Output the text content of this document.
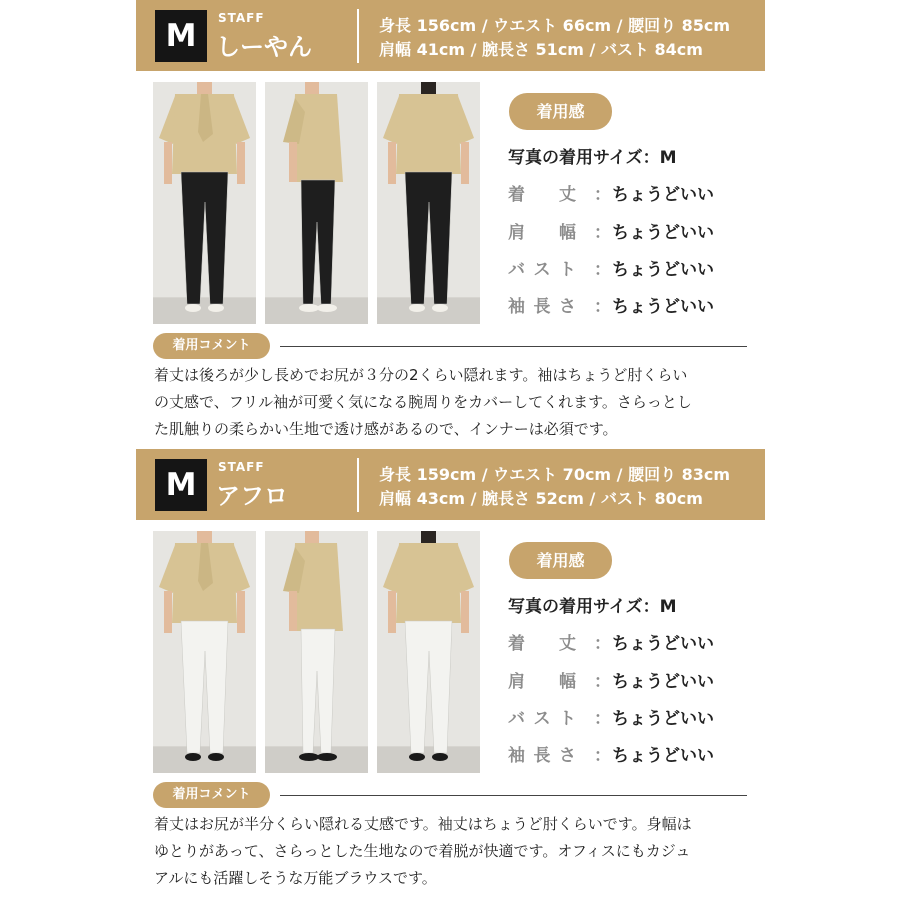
M	STAFF
しーやん
身長 156cm / ウエスト 66cm / 腰回り 85cm
肩幅 41cm / 腕長さ 51cm / バスト 84cm
着用感
写真の着用サイズ：M
着 丈 ： ちょうどいい
肩 幅 ： ちょうどいい
バ ス ト ： ちょうどいい
袖 長 さ ： ちょうどいい
着用コメント
着丈は後ろが少し長めでお尻が３分の2くらい隠れます。袖はちょうど肘くらい
の丈感で、フリル袖が可愛く気になる腕周りをカバーしてくれます。さらっとし
た肌触りの柔らかい生地で透け感があるので、インナーは必須です。
M	STAFF
アフロ
身長 159cm / ウエスト 70cm / 腰回り 83cm
肩幅 43cm / 腕長さ 52cm / バスト 80cm
着用感
写真の着用サイズ：M
着 丈 ： ちょうどいい
肩 幅 ： ちょうどいい
バ ス ト ： ちょうどいい
袖 長 さ ： ちょうどいい
着用コメント
着丈はお尻が半分くらい隠れる丈感です。袖丈はちょうど肘くらいです。身幅は
ゆとりがあって、さらっとした生地なので着脱が快適です。オフィスにもカジュ
アルにも活躍しそうな万能ブラウスです。
